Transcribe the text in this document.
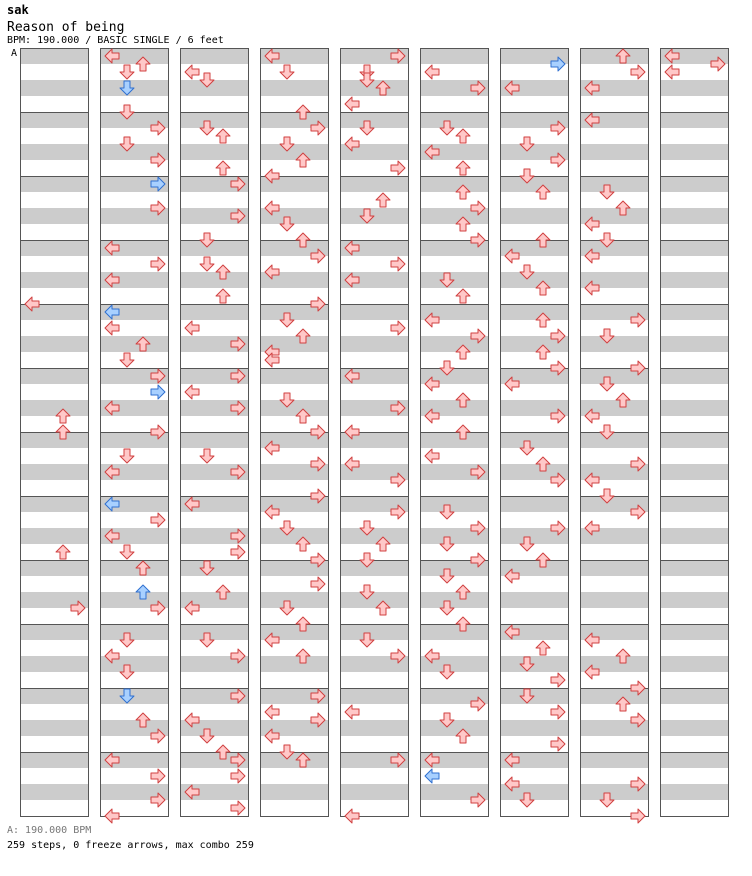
sak
Reason of being
BPM: 190.000 / BASIC SINGLE / 6 feet
A
A: 190.000 BPM
259 steps, 0 freeze arrows, max combo 259
